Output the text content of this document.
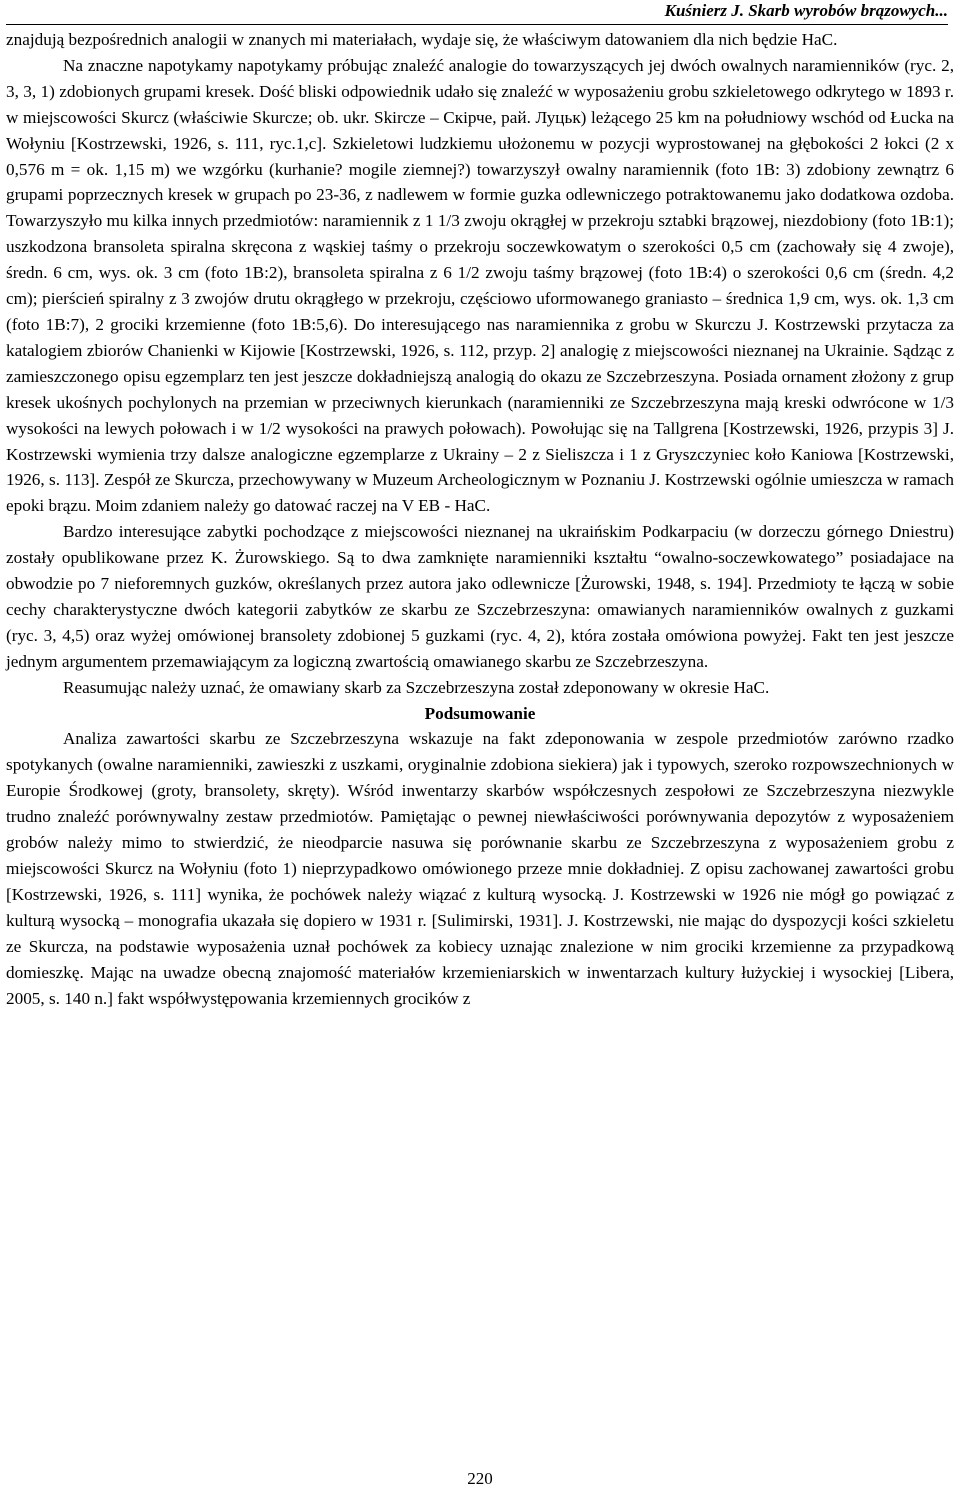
Kuśnierz J. Skarb wyrobów brązowych...

znajdują bezpośrednich analogii w znanych mi materiałach, wydaje się, że właściwym datowaniem dla nich będzie HaC.

Na znaczne napotykamy napotykamy próbując znaleźć analogie do towarzyszących jej dwóch owalnych naramienników (ryc. 2, 3, 3, 1) zdobionych grupami kresek. Dość bliski odpowiednik udało się znaleźć w wyposażeniu grobu szkieletowego odkrytego w 1893 r. w miejscowości Skurcz (właściwie Skurcze; ob. ukr. Skircze – Скірче, рай. Луцьк) leżącego 25 km na południowy wschód od Łucka na Wołyniu [Kostrzewski, 1926, s. 111, ryc.1,c]. Szkieletowi ludzkiemu ułożonemu w pozycji wyprostowanej na głębokości 2 łokci (2 x 0,576 m = ok. 1,15 m) we wzgórku (kurhanie? mogile ziemnej?) towarzyszył owalny naramiennik (foto 1B: 3) zdobiony zewnątrz 6 grupami poprzecznych kresek w grupach po 23-36, z nadlewem w formie guzka odlewniczego potraktowanemu jako dodatkowa ozdoba. Towarzyszyło mu kilka innych przedmiotów: naramiennik z 1 1/3 zwoju okrągłej w przekroju sztabki brązowej, niezdobiony (foto 1B:1); uszkodzona bransoleta spiralna skręcona z wąskiej taśmy o przekroju soczewkowatym o szerokości 0,5 cm (zachowały się 4 zwoje), średn. 6 cm, wys. ok. 3 cm (foto 1B:2), bransoleta spiralna z 6 1/2 zwoju taśmy brązowej (foto 1B:4) o szerokości 0,6 cm (średn. 4,2 cm); pierścień spiralny z 3 zwojów drutu okrągłego w przekroju, częściowo uformowanego graniasto – średnica 1,9 cm, wys. ok. 1,3 cm (foto 1B:7), 2 grociki krzemienne (foto 1B:5,6). Do interesującego nas naramiennika z grobu w Skurczu J. Kostrzewski przytacza za katalogiem zbiorów Chanienki w Kijowie [Kostrzewski, 1926, s. 112, przyp. 2] analogię z miejscowości nieznanej na Ukrainie. Sądząc z zamieszczonego opisu egzemplarz ten jest jeszcze dokładniejszą analogią do okazu ze Szczebrzeszyna. Posiada ornament złożony z grup kresek ukośnych pochylonych na przemian w przeciwnych kierunkach (naramienniki ze Szczebrzeszyna mają kreski odwrócone w 1/3 wysokości na lewych połowach i w 1/2 wysokości na prawych połowach). Powołując się na Tallgrena [Kostrzewski, 1926, przypis 3] J. Kostrzewski wymienia trzy dalsze analogiczne egzemplarze z Ukrainy – 2 z Sieliszcza i 1 z Gryszczyniec koło Kaniowa [Kostrzewski, 1926, s. 113]. Zespół ze Skurcza, przechowywany w Muzeum Archeologicznym w Poznaniu J. Kostrzewski ogólnie umieszcza w ramach epoki brązu. Moim zdaniem należy go datować raczej na V EB - HaC.

Bardzo interesujące zabytki pochodzące z miejscowości nieznanej na ukraińskim Podkarpaciu (w dorzeczu górnego Dniestru) zostały opublikowane przez K. Żurowskiego. Są to dwa zamknięte naramienniki kształtu “owalno-soczewkowatego” posiadajace na obwodzie po 7 nieforemnych guzków, określanych przez autora jako odlewnicze [Żurowski, 1948, s. 194]. Przedmioty te łączą w sobie cechy charakterystyczne dwóch kategorii zabytków ze skarbu ze Szczebrzeszyna: omawianych naramienników owalnych z guzkami (ryc. 3, 4,5) oraz wyżej omówionej bransolety zdobionej 5 guzkami (ryc. 4, 2), która została omówiona powyżej. Fakt ten jest jeszcze jednym argumentem przemawiającym za logiczną zwartością omawianego skarbu ze Szczebrzeszyna.

Reasumując należy uznać, że omawiany skarb za Szczebrzeszyna został zdeponowany w okresie HaC.

Podsumowanie

Analiza zawartości skarbu ze Szczebrzeszyna wskazuje na fakt zdeponowania w zespole przedmiotów zarówno rzadko spotykanych (owalne naramienniki, zawieszki z uszkami, oryginalnie zdobiona siekiera) jak i typowych, szeroko rozpowszechnionych w Europie Środkowej (groty, bransolety, skręty). Wśród inwentarzy skarbów współczesnych zespołowi ze Szczebrzeszyna niezwykle trudno znaleźć porównywalny zestaw przedmiotów. Pamiętając o pewnej niewłaściwości porównywania depozytów z wyposażeniem grobów należy mimo to stwierdzić, że nieodparcie nasuwa się porównanie skarbu ze Szczebrzeszyna z wyposażeniem grobu z miejscowości Skurcz na Wołyniu (foto 1) nieprzypadkowo omówionego przeze mnie dokładniej. Z opisu zachowanej zawartości grobu [Kostrzewski, 1926, s. 111] wynika, że pochówek należy wiązać z kulturą wysocką. J. Kostrzewski w 1926 nie mógł go powiązać z kulturą wysocką – monografia ukazała się dopiero w 1931 r. [Sulimirski, 1931]. J. Kostrzewski, nie mając do dyspozycji kości szkieletu ze Skurcza, na podstawie wyposażenia uznał pochówek za kobiecy uznając znalezione w nim grociki krzemienne za przypadkową domieszkę. Mając na uwadze obecną znajomość materiałów krzemieniarskich w inwentarzach kultury łużyckiej i wysockiej [Libera, 2005, s. 140 n.] fakt współwystępowania krzemiennych grocików z

220
